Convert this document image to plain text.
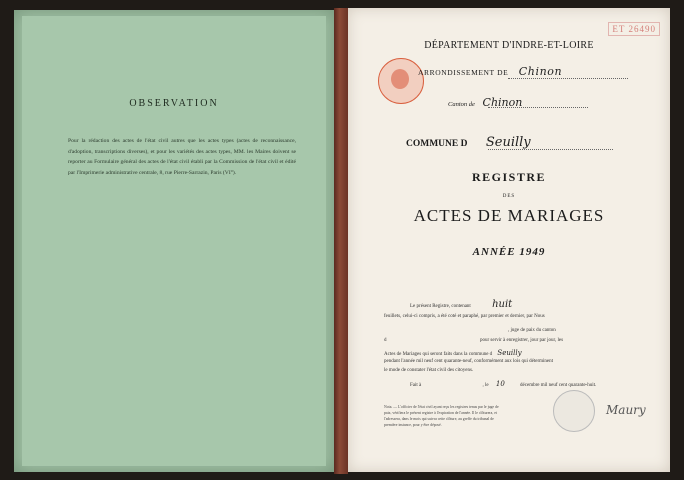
OBSERVATION
Pour la rédaction des actes de l'état civil autres que les actes types (actes de reconnaissance, d'adoption, transcriptions diverses), et pour les variétés des actes types, MM. les Maires doivent se reporter au Formulaire général des actes de l'état civil établi par la Commission de l'état civil et édité par l'Imprimerie administrative centrale, 8, rue Pierre-Sarrazin, Paris (VI°).
ET 26490
DÉPARTEMENT D'INDRE-ET-LOIRE
ARRONDISSEMENT DE Chinon
Canton de Chinon
COMMUNE D Seuilly
REGISTRE
DES
ACTES DE MARIAGES
ANNÉE 1949
Le présent Registre, contenant huit
feuillets, celui-ci compris, a été coté et paraphé, par premier et dernier, par Nous
, juge de paix du canton
d	pour servir à enregistrer, jour par jour, les
Actes de Mariages qui seront faits dans la commune d Seuilly
pendant l'année mil neuf cent quarante-neuf, conformément aux lois qui déterminent
le mode de constater l'état civil des citoyens.
Fait à	, le 10	décembre mil neuf cent quarante-huit.
Nota. — L'officier de l'état civil ayant reçu les registres tenus par le juge de paix, vérifiera le présent registre à l'expiration de l'année. Il le clôturera, et l'adressera, dans le mois qui suivra cette clôture, au greffe du tribunal de première instance, pour y être déposé.
Maury
